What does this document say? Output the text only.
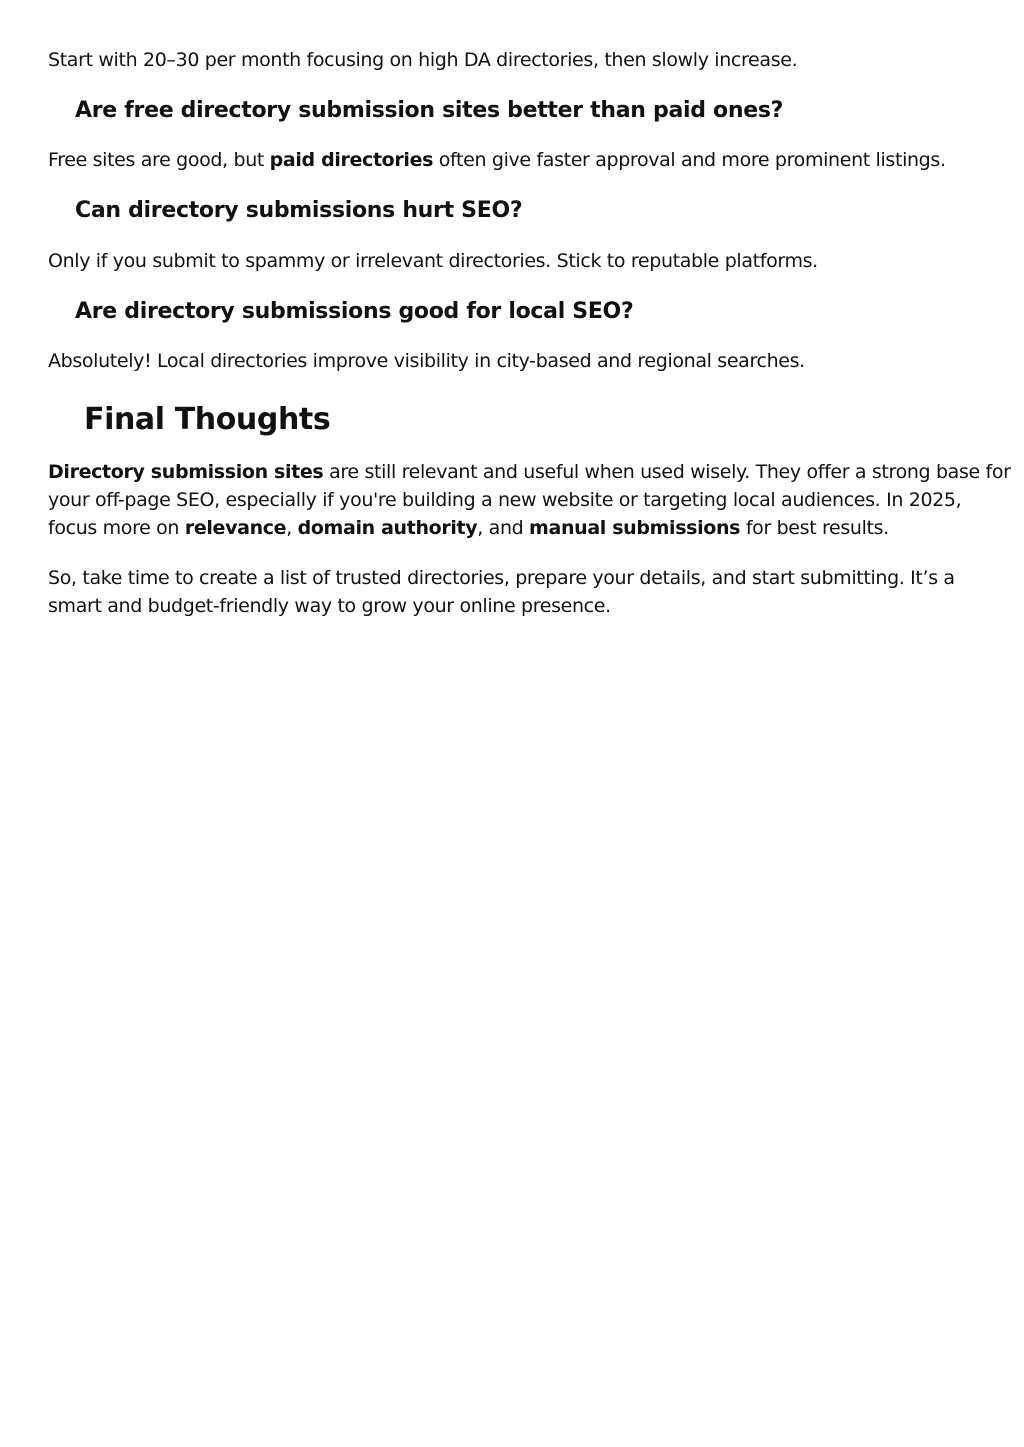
Start with 20–30 per month focusing on high DA directories, then slowly increase.

Are free directory submission sites better than paid ones?

Free sites are good, but paid directories often give faster approval and more prominent listings.

Can directory submissions hurt SEO?

Only if you submit to spammy or irrelevant directories. Stick to reputable platforms.

Are directory submissions good for local SEO?

Absolutely! Local directories improve visibility in city-based and regional searches.

Final Thoughts

Directory submission sites are still relevant and useful when used wisely. They offer a strong base for

your off-page SEO, especially if you're building a new website or targeting local audiences. In 2025,

focus more on relevance, domain authority, and manual submissions for best results.

So, take time to create a list of trusted directories, prepare your details, and start submitting. It’s a

smart and budget-friendly way to grow your online presence.
